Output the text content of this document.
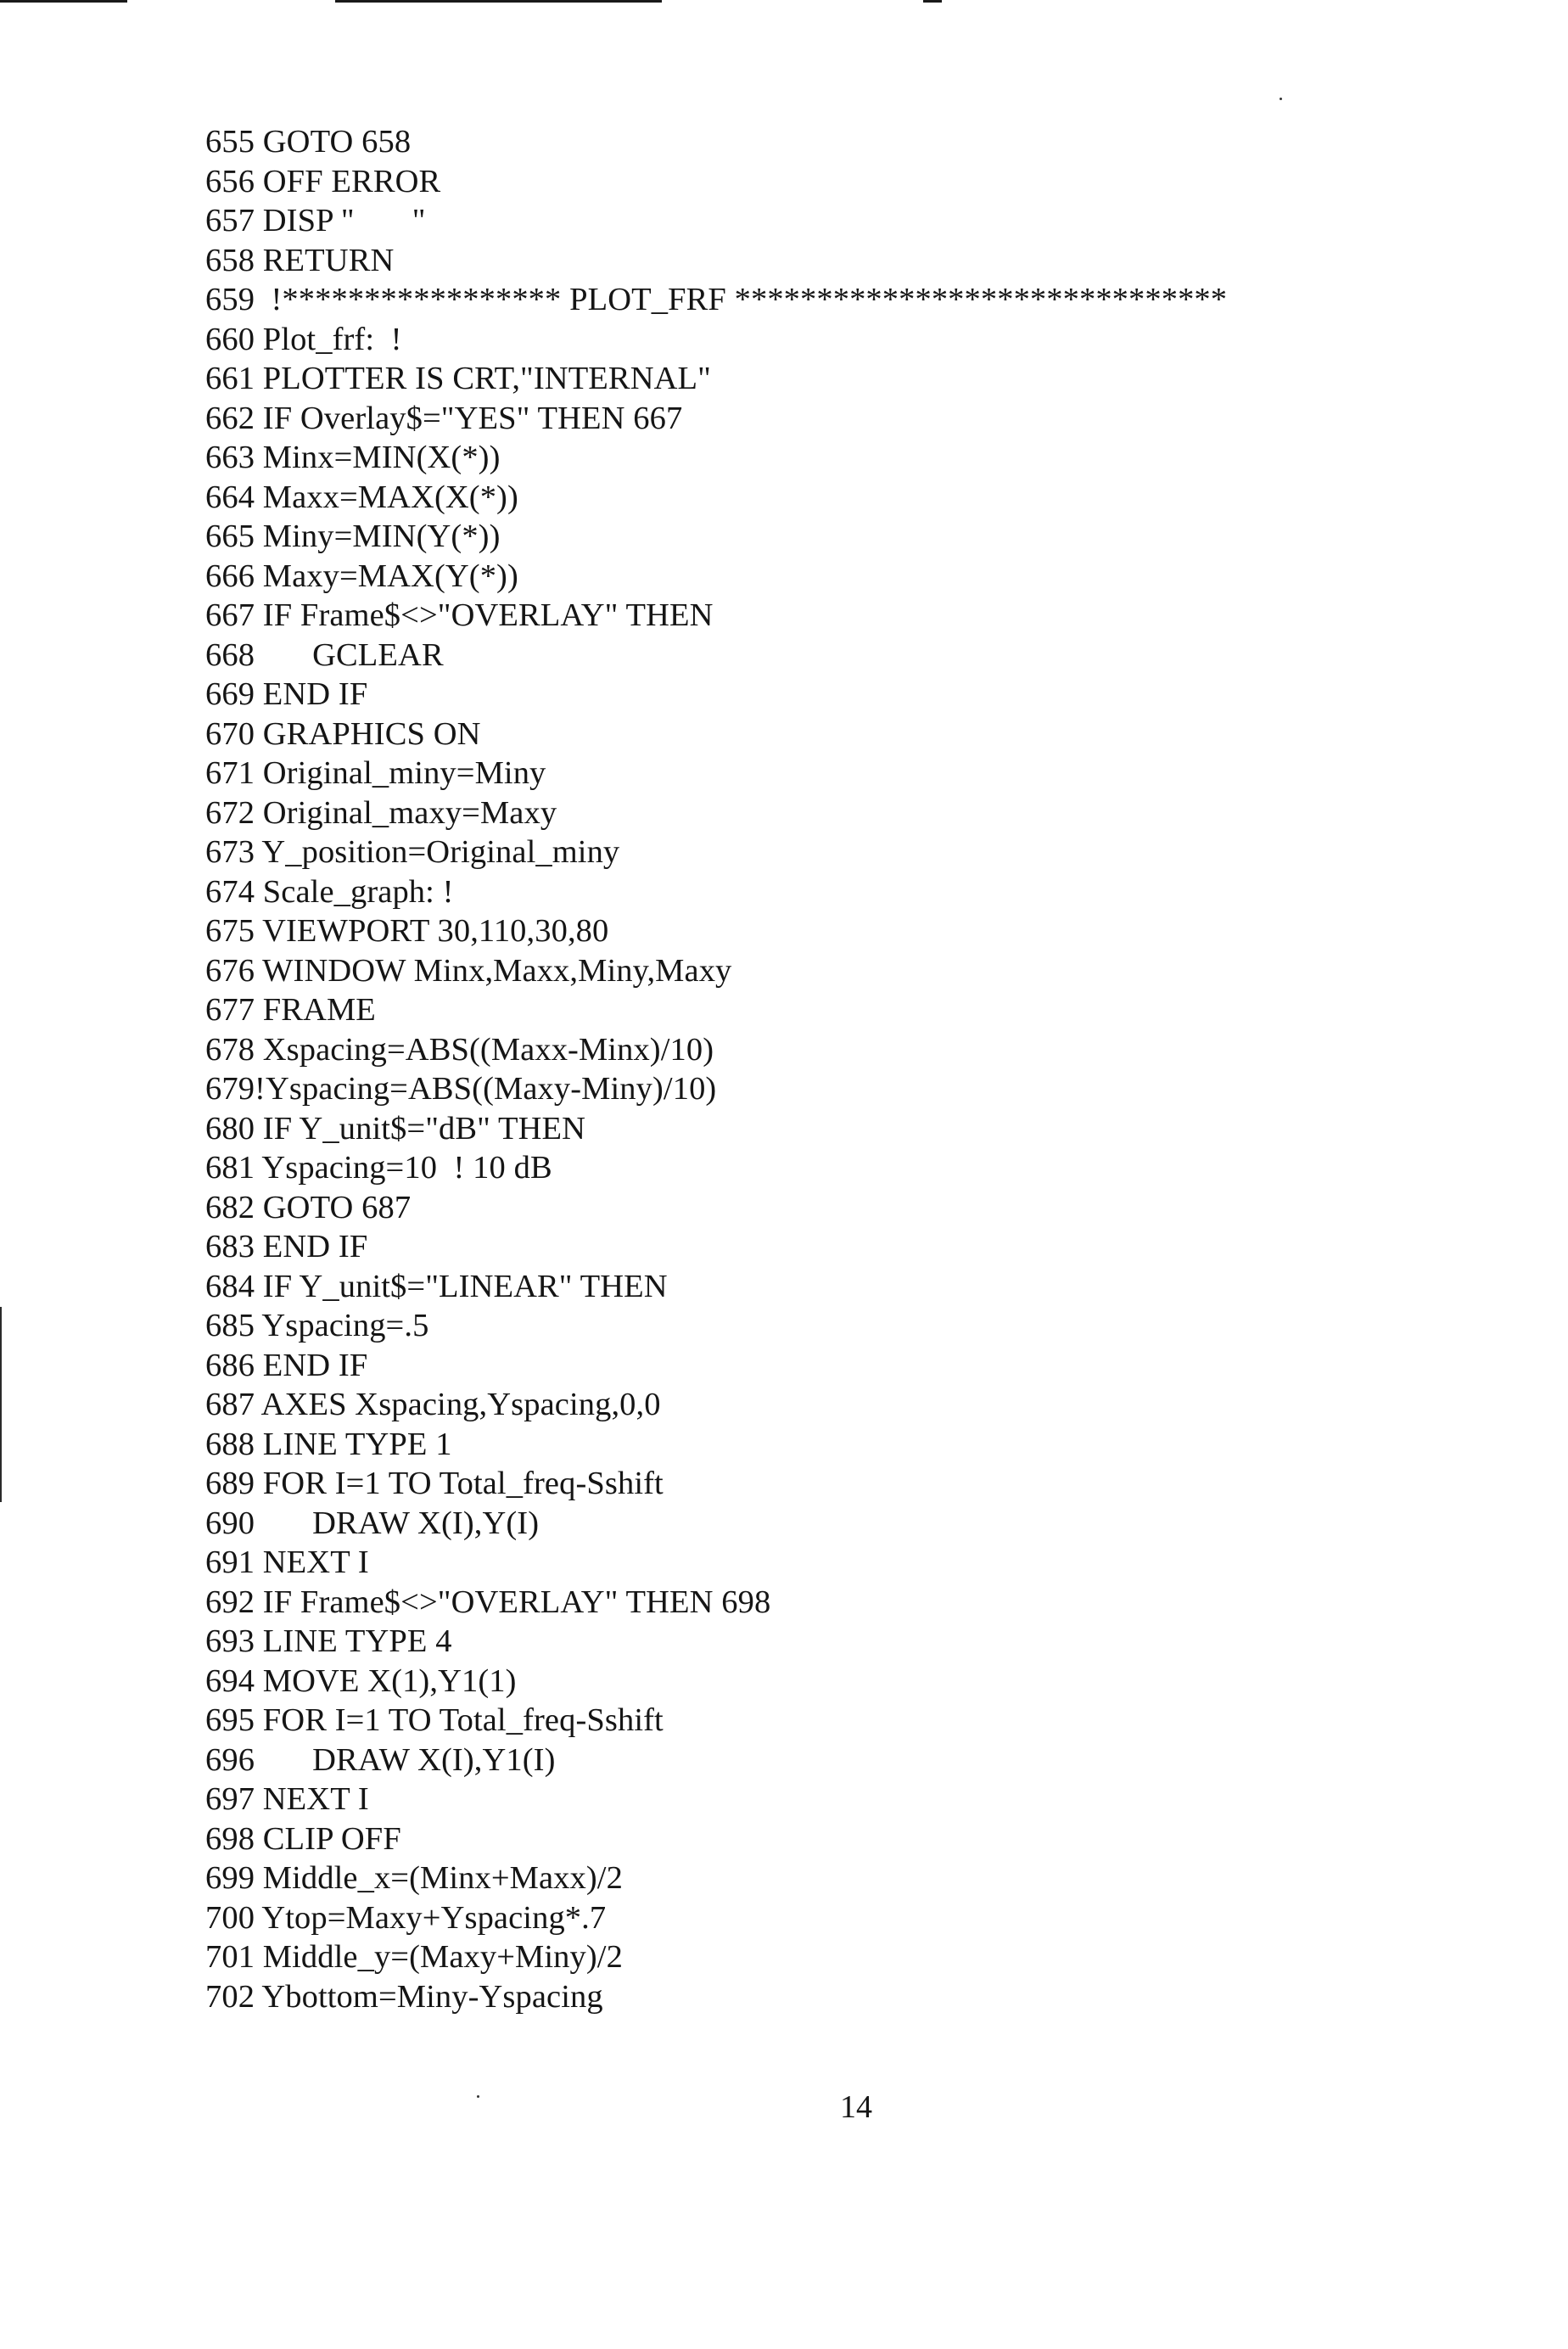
655 GOTO 658
656 OFF ERROR
657 DISP "       "
658 RETURN
659  !***************** PLOT_FRF ******************************
660 Plot_frf:  !
661 PLOTTER IS CRT,"INTERNAL"
662 IF Overlay$="YES" THEN 667
663 Minx=MIN(X(*))
664 Maxx=MAX(X(*))
665 Miny=MIN(Y(*))
666 Maxy=MAX(Y(*))
667 IF Frame$<>"OVERLAY" THEN
668       GCLEAR
669 END IF
670 GRAPHICS ON
671 Original_miny=Miny
672 Original_maxy=Maxy
673 Y_position=Original_miny
674 Scale_graph: !
675 VIEWPORT 30,110,30,80
676 WINDOW Minx,Maxx,Miny,Maxy
677 FRAME
678 Xspacing=ABS((Maxx-Minx)/10)
679!Yspacing=ABS((Maxy-Miny)/10)
680 IF Y_unit$="dB" THEN
681 Yspacing=10  ! 10 dB
682 GOTO 687
683 END IF
684 IF Y_unit$="LINEAR" THEN
685 Yspacing=.5
686 END IF
687 AXES Xspacing,Yspacing,0,0
688 LINE TYPE 1
689 FOR I=1 TO Total_freq-Sshift
690       DRAW X(I),Y(I)
691 NEXT I
692 IF Frame$<>"OVERLAY" THEN 698
693 LINE TYPE 4
694 MOVE X(1),Y1(1)
695 FOR I=1 TO Total_freq-Sshift
696       DRAW X(I),Y1(I)
697 NEXT I
698 CLIP OFF
699 Middle_x=(Minx+Maxx)/2
700 Ytop=Maxy+Yspacing*.7
701 Middle_y=(Maxy+Miny)/2
702 Ybottom=Miny-Yspacing
14
